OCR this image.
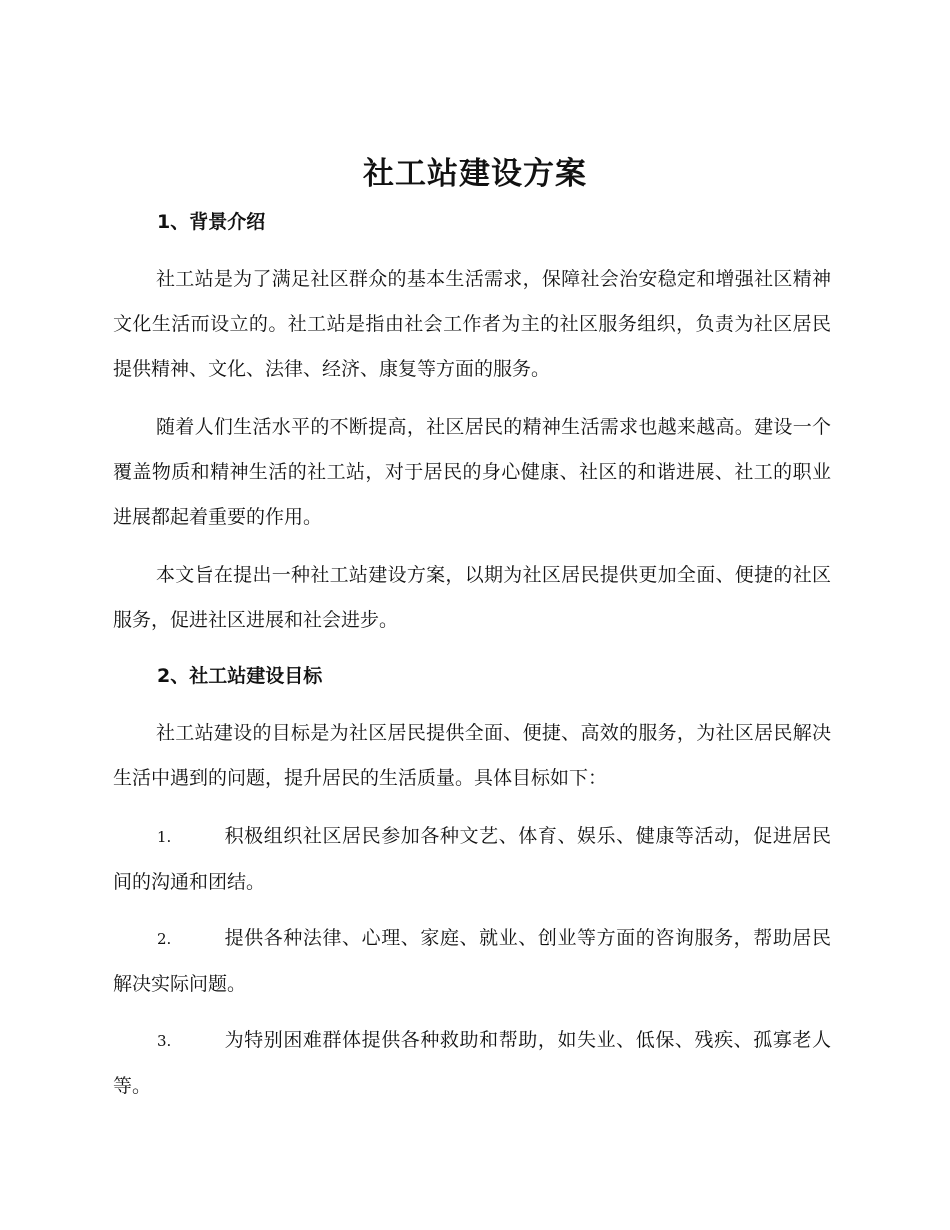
社工站建设方案
1、背景介绍

社工站是为了满足社区群众的基本生活需求，保障社会治安稳定和增强社区精神文化生活而设立的。社工站是指由社会工作者为主的社区服务组织，负责为社区居民提供精神、文化、法律、经济、康复等方面的服务。

随着人们生活水平的不断提高，社区居民的精神生活需求也越来越高。建设一个覆盖物质和精神生活的社工站，对于居民的身心健康、社区的和谐进展、社工的职业进展都起着重要的作用。

本文旨在提出一种社工站建设方案，以期为社区居民提供更加全面、便捷的社区服务，促进社区进展和社会进步。

2、社工站建设目标

社工站建设的目标是为社区居民提供全面、便捷、高效的服务，为社区居民解决生活中遇到的问题，提升居民的生活质量。具体目标如下：

1.	积极组织社区居民参加各种文艺、体育、娱乐、健康等活动，促进居民间的沟通和团结。

2.	提供各种法律、心理、家庭、就业、创业等方面的咨询服务，帮助居民解决实际问题。

3.	为特别困难群体提供各种救助和帮助，如失业、低保、残疾、孤寡老人等。
